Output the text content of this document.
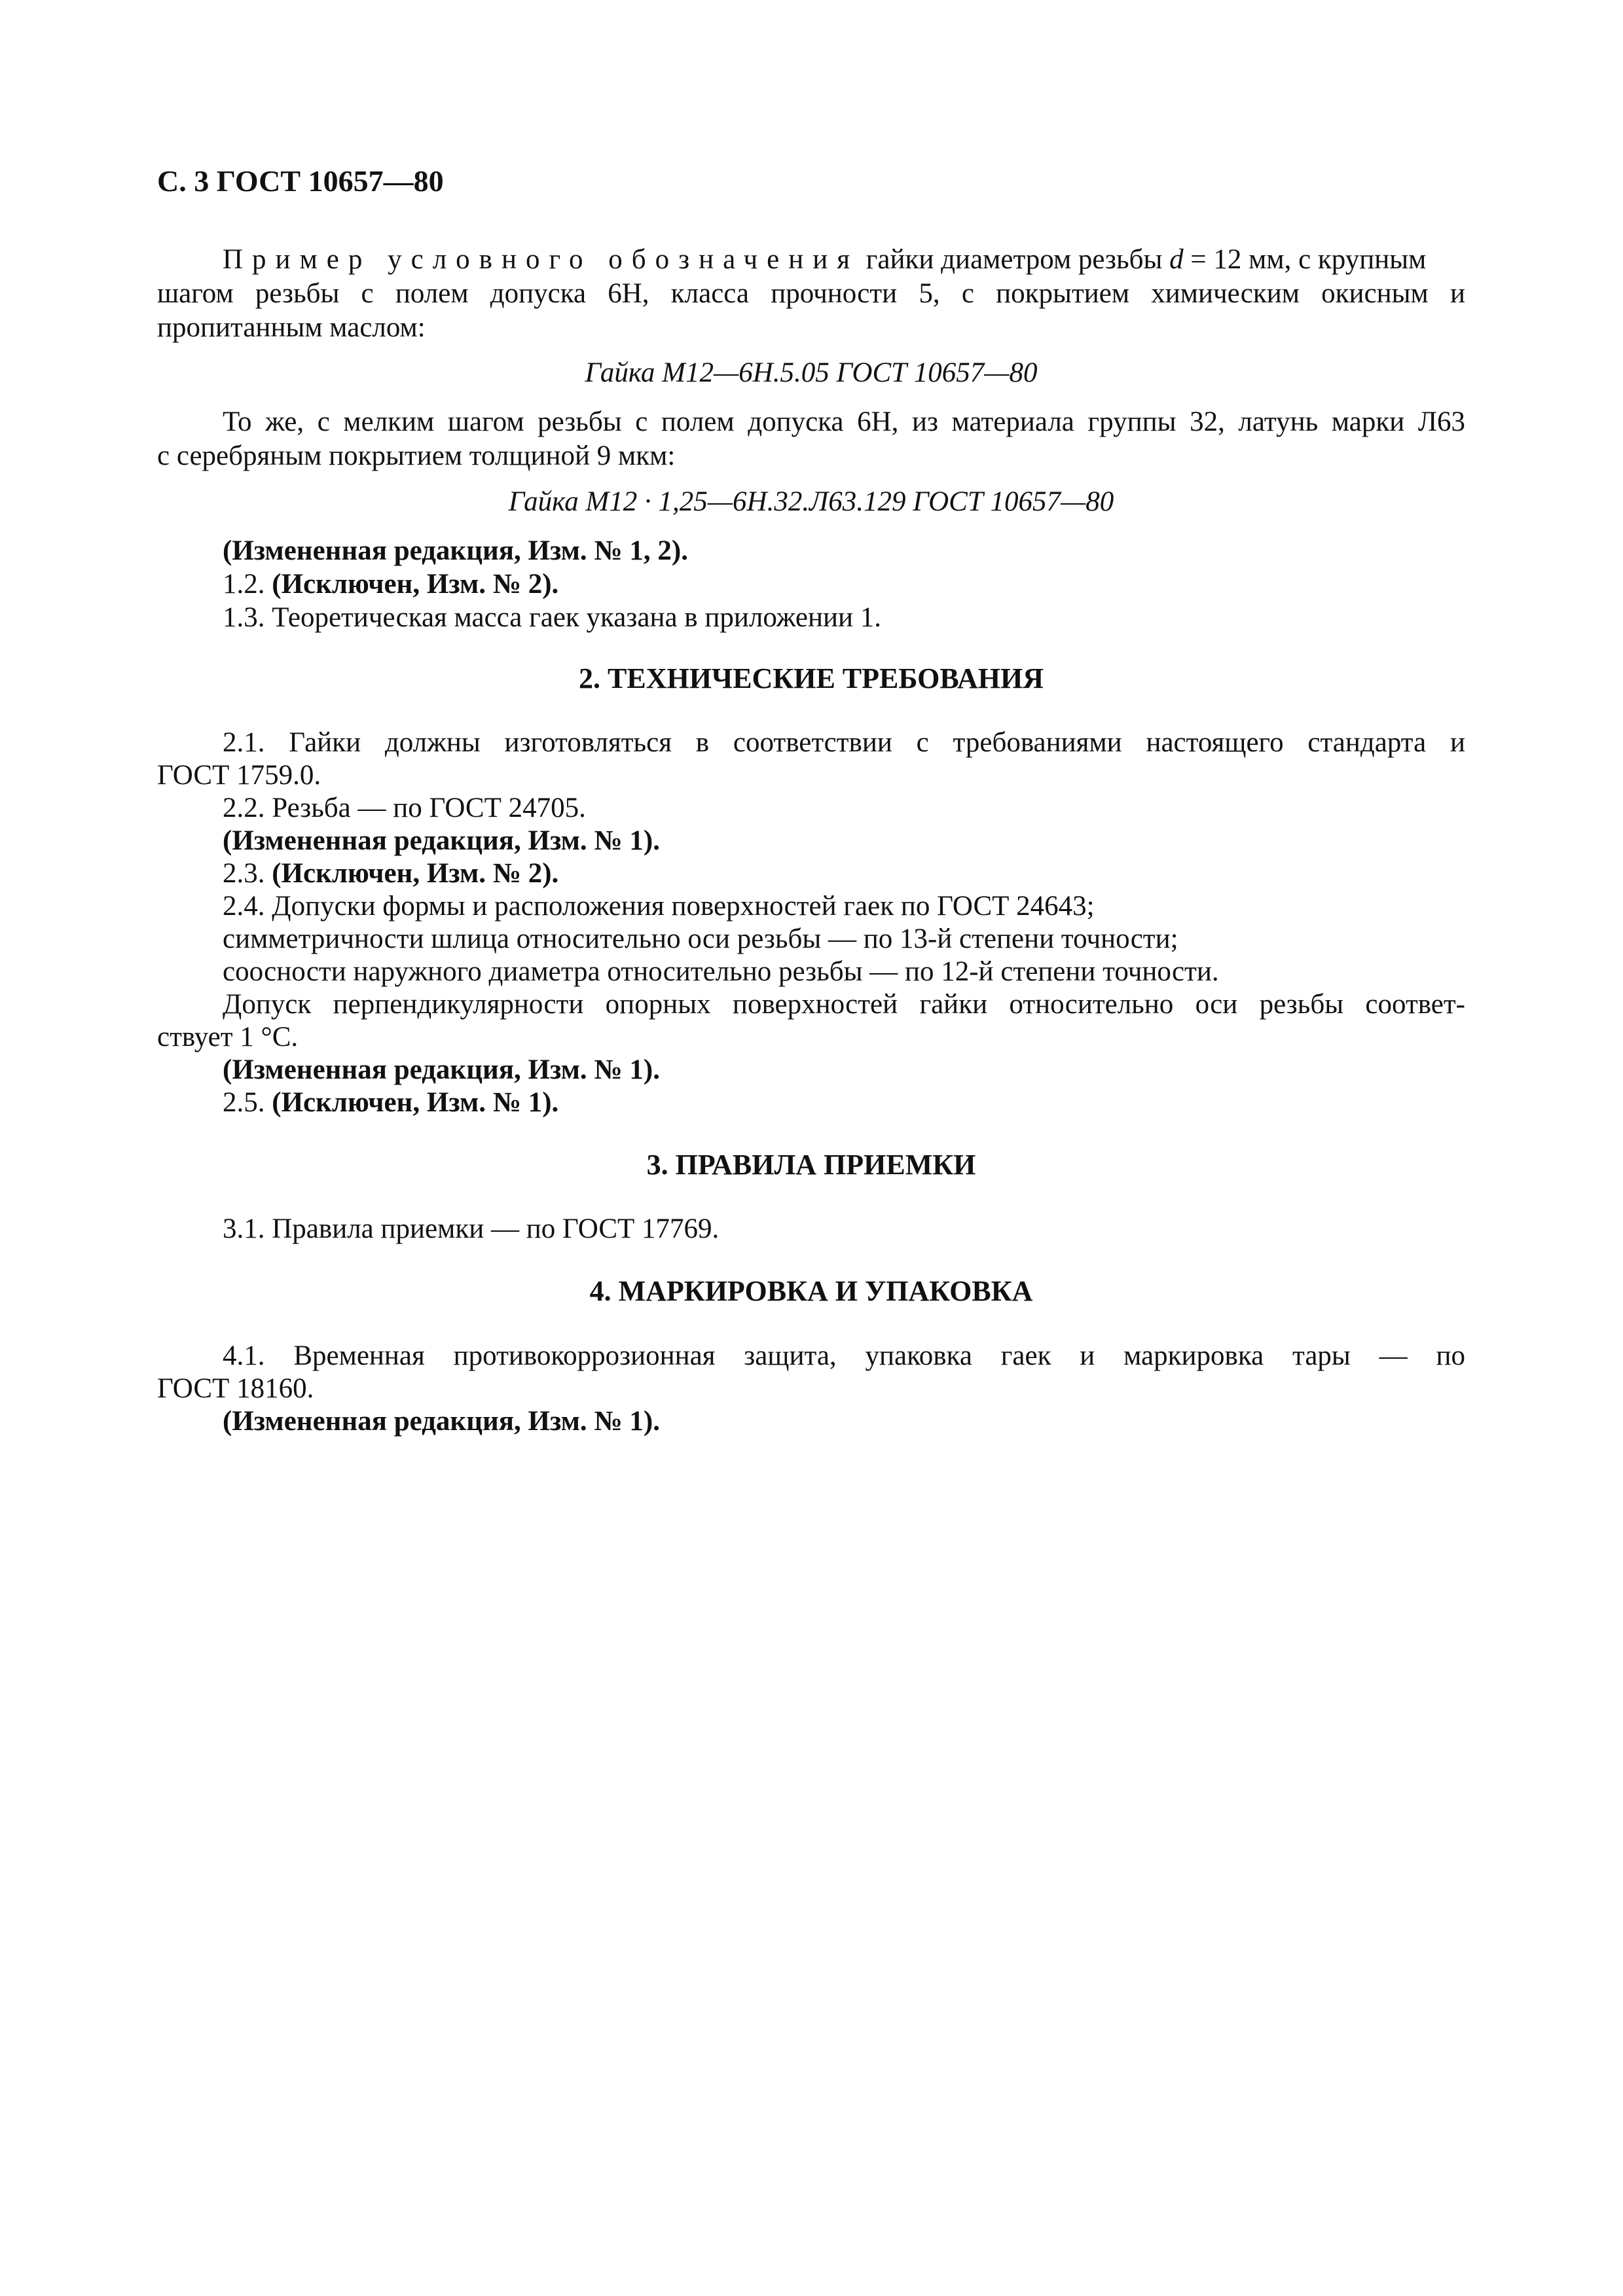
С. 3 ГОСТ 10657—80
Пример условного обозначения гайки диаметром резьбы d = 12 мм, с крупным
шагом резьбы с полем допуска 6Н, класса прочности 5, с покрытием химическим окисным и
пропитанным маслом:
Гайка М12—6Н.5.05 ГОСТ 10657—80
То же, с мелким шагом резьбы с полем допуска 6Н, из материала группы 32, латунь марки Л63
с серебряным покрытием толщиной 9 мкм:
Гайка М12 · 1,25—6Н.32.Л63.129 ГОСТ 10657—80
(Измененная редакция, Изм. № 1, 2).
1.2. (Исключен, Изм. № 2).
1.3. Теоретическая масса гаек указана в приложении 1.
2. ТЕХНИЧЕСКИЕ ТРЕБОВАНИЯ
2.1. Гайки должны изготовляться в соответствии с требованиями настоящего стандарта и
ГОСТ 1759.0.
2.2. Резьба — по ГОСТ 24705.
(Измененная редакция, Изм. № 1).
2.3. (Исключен, Изм. № 2).
2.4. Допуски формы и расположения поверхностей гаек по ГОСТ 24643;
симметричности шлица относительно оси резьбы — по 13-й степени точности;
соосности наружного диаметра относительно резьбы — по 12-й степени точности.
Допуск перпендикулярности опорных поверхностей гайки относительно оси резьбы соответ-
ствует 1 °С.
(Измененная редакция, Изм. № 1).
2.5. (Исключен, Изм. № 1).
3. ПРАВИЛА ПРИЕМКИ
3.1. Правила приемки — по ГОСТ 17769.
4. МАРКИРОВКА И УПАКОВКА
4.1. Временная противокоррозионная защита, упаковка гаек и маркировка тары — по
ГОСТ 18160.
(Измененная редакция, Изм. № 1).
